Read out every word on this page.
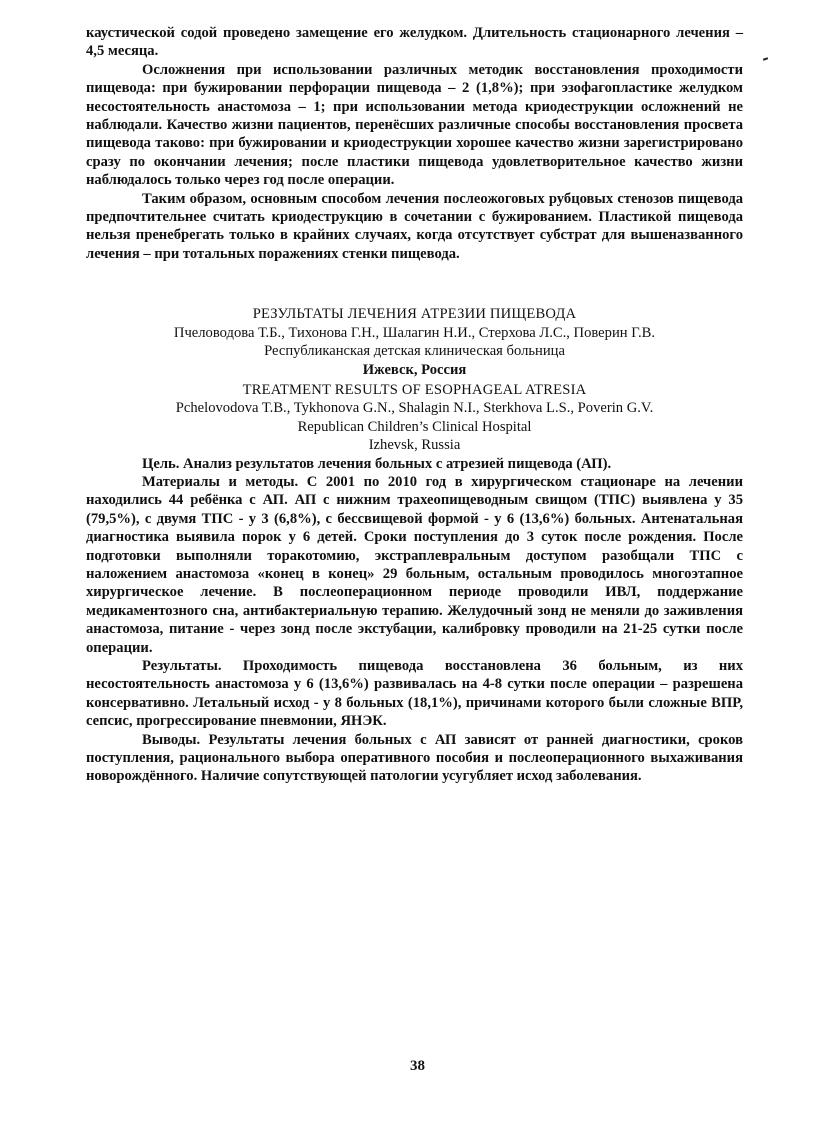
каустической содой проведено замещение его желудком. Длительность стационарного лечения – 4,5 месяца.

Осложнения при использовании различных методик восстановления проходимости пищевода: при бужировании перфорации пищевода – 2 (1,8%); при эзофагопластике желудком несостоятельность анастомоза – 1; при использовании метода криодеструкции осложнений не наблюдали. Качество жизни пациентов, перенёсших различные способы восстановления просвета пищевода таково: при бужировании и криодеструкции хорошее качество жизни зарегистрировано сразу по окончании лечения; после пластики пищевода удовлетворительное качество жизни наблюдалось только через год после операции.

Таким образом, основным способом лечения послеожоговых рубцовых стенозов пищевода предпочтительнее считать криодеструкцию в сочетании с бужированием. Пластикой пищевода нельзя пренебрегать только в крайних случаях, когда отсутствует субстрат для вышеназванного лечения – при тотальных поражениях стенки пищевода.

РЕЗУЛЬТАТЫ ЛЕЧЕНИЯ АТРЕЗИИ ПИЩЕВОДА
Пчеловодова Т.Б., Тихонова Г.Н., Шалагин Н.И., Стерхова Л.С., Поверин Г.В.
Республиканская детская клиническая больница
Ижевск, Россия
TREATMENT RESULTS OF ESOPHAGEAL ATRESIA
Pchelovodova T.B., Tykhonova G.N., Shalagin N.I., Sterkhova L.S., Poverin G.V.
Republican Children’s Clinical Hospital
Izhevsk, Russia

Цель. Анализ результатов лечения больных с атрезией пищевода (АП).

Материалы и методы. С 2001 по 2010 год в хирургическом стационаре на лечении находились 44 ребёнка с АП. АП с нижним трахеопищеводным свищом (ТПС) выявлена у 35 (79,5%), с двумя ТПС - у 3 (6,8%), с бессвищевой формой - у 6 (13,6%) больных. Антенатальная диагностика выявила порок у 6 детей. Сроки поступления до 3 суток после рождения. После подготовки выполняли торакотомию, экстраплевральным доступом разобщали ТПС с наложением анастомоза «конец в конец» 29 больным, остальным проводилось многоэтапное хирургическое лечение. В послеоперационном периоде проводили ИВЛ, поддержание медикаментозного сна, антибактериальную терапию. Желудочный зонд не меняли до заживления анастомоза, питание - через зонд после экстубации, калибровку проводили на 21-25 сутки после операции.

Результаты. Проходимость пищевода восстановлена 36 больным, из них несостоятельность анастомоза у 6 (13,6%) развивалась на 4-8 сутки после операции – разрешена консервативно. Летальный исход - у 8 больных (18,1%), причинами которого были сложные ВПР, сепсис, прогрессирование пневмонии, ЯНЭК.

Выводы. Результаты лечения больных с АП зависят от ранней диагностики, сроков поступления, рационального выбора оперативного пособия и послеоперационного выхаживания новорождённого. Наличие сопутствующей патологии усугубляет исход заболевания.

38
